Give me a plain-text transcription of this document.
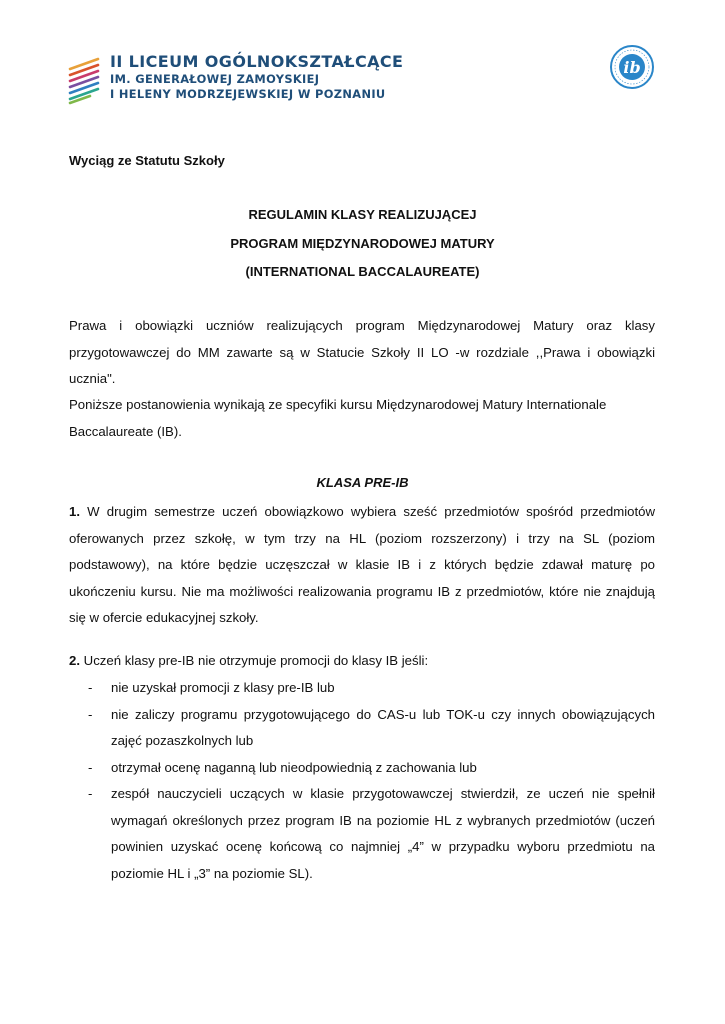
II LICEUM OGÓLNOKSZTAŁCĄCE
IM. GENERAŁOWEJ ZAMOYSKIEJ
I HELENY MODRZEJEWSKIEJ W POZNANIU
ib
Wyciąg ze Statutu Szkoły
REGULAMIN KLASY REALIZUJĄCEJ
PROGRAM MIĘDZYNARODOWEJ MATURY
(INTERNATIONAL BACCALAUREATE)
Prawa i obowiązki uczniów realizujących program Międzynarodowej Matury oraz klasy przygotowawczej do MM zawarte są w Statucie Szkoły II LO -w rozdziale ,,Prawa i obowiązki ucznia".
Poniższe postanowienia wynikają ze specyfiki kursu Międzynarodowej Matury Internationale Baccalaureate (IB).
KLASA PRE-IB
1. W drugim semestrze uczeń obowiązkowo wybiera sześć przedmiotów spośród przedmiotów oferowanych przez szkołę, w tym trzy na HL (poziom rozszerzony) i trzy na SL (poziom podstawowy), na które będzie uczęszczał w klasie IB i z których będzie zdawał maturę po ukończeniu kursu. Nie ma możliwości realizowania programu IB z przedmiotów, które nie znajdują się w ofercie edukacyjnej szkoły.
2. Uczeń klasy pre-IB nie otrzymuje promocji do klasy IB jeśli:
- nie uzyskał promocji z klasy pre-IB lub
- nie zaliczy programu przygotowującego do CAS-u lub TOK-u czy innych obowiązujących zajęć pozaszkolnych lub
- otrzymał ocenę naganną lub nieodpowiednią z zachowania lub
- zespół nauczycieli uczących w klasie przygotowawczej stwierdził, ze uczeń nie spełnił wymagań określonych przez program IB na poziomie HL z wybranych przedmiotów (uczeń powinien uzyskać ocenę końcową co najmniej „4” w przypadku wyboru przedmiotu na poziomie HL i „3” na poziomie SL).
